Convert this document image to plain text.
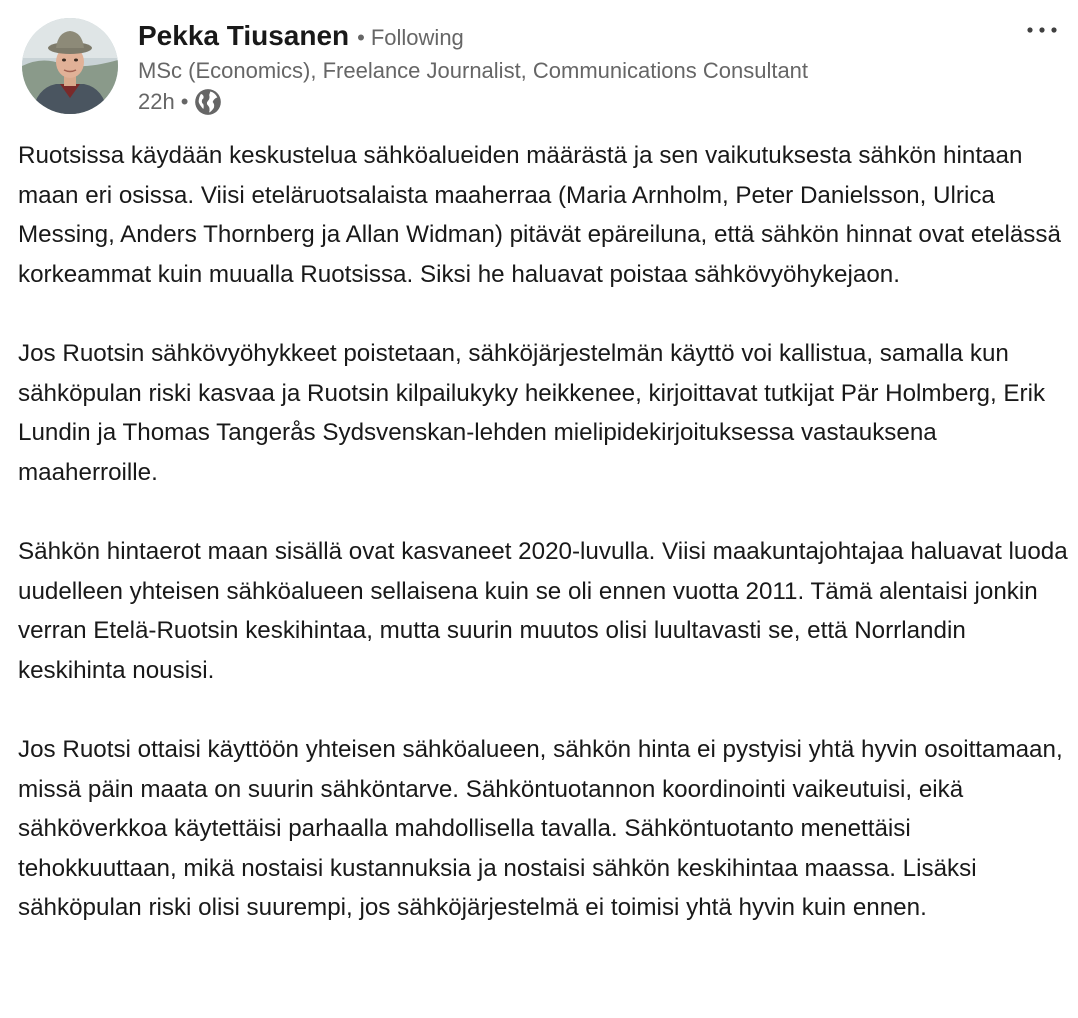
Pekka Tiusanen • Following
MSc (Economics), Freelance Journalist, Communications Consultant
22h •

Ruotsissa käydään keskustelua sähköalueiden määrästä ja sen vaikutuksesta sähkön hintaan maan eri osissa. Viisi eteläruotsalaista maaherraa (Maria Arnholm, Peter Danielsson, Ulrica Messing, Anders Thornberg ja Allan Widman) pitävät epäreiluna, että sähkön hinnat ovat etelässä korkeammat kuin muualla Ruotsissa. Siksi he haluavat poistaa sähkövyöhykejaon.

Jos Ruotsin sähkövyöhykkeet poistetaan, sähköjärjestelmän käyttö voi kallistua, samalla kun sähköpulan riski kasvaa ja Ruotsin kilpailukyky heikkenee, kirjoittavat tutkijat Pär Holmberg, Erik Lundin ja Thomas Tangerås Sydsvenskan-lehden mielipidekirjoituksessa vastauksena maaherroille.

Sähkön hintaerot maan sisällä ovat kasvaneet 2020-luvulla. Viisi maakuntajohtajaa haluavat luoda uudelleen yhteisen sähköalueen sellaisena kuin se oli ennen vuotta 2011. Tämä alentaisi jonkin verran Etelä-Ruotsin keskihintaa, mutta suurin muutos olisi luultavasti se, että Norrlandin keskihinta nousisi.

Jos Ruotsi ottaisi käyttöön yhteisen sähköalueen, sähkön hinta ei pystyisi yhtä hyvin osoittamaan, missä päin maata on suurin sähköntarve. Sähköntuotannon koordinointi vaikeutuisi, eikä sähköverkkoa käytettäisi parhaalla mahdollisella tavalla. Sähköntuotanto menettäisi tehokkuuttaan, mikä nostaisi kustannuksia ja nostaisi sähkön keskihintaa maassa. Lisäksi sähköpulan riski olisi suurempi, jos sähköjärjestelmä ei toimisi yhtä hyvin kuin ennen.
